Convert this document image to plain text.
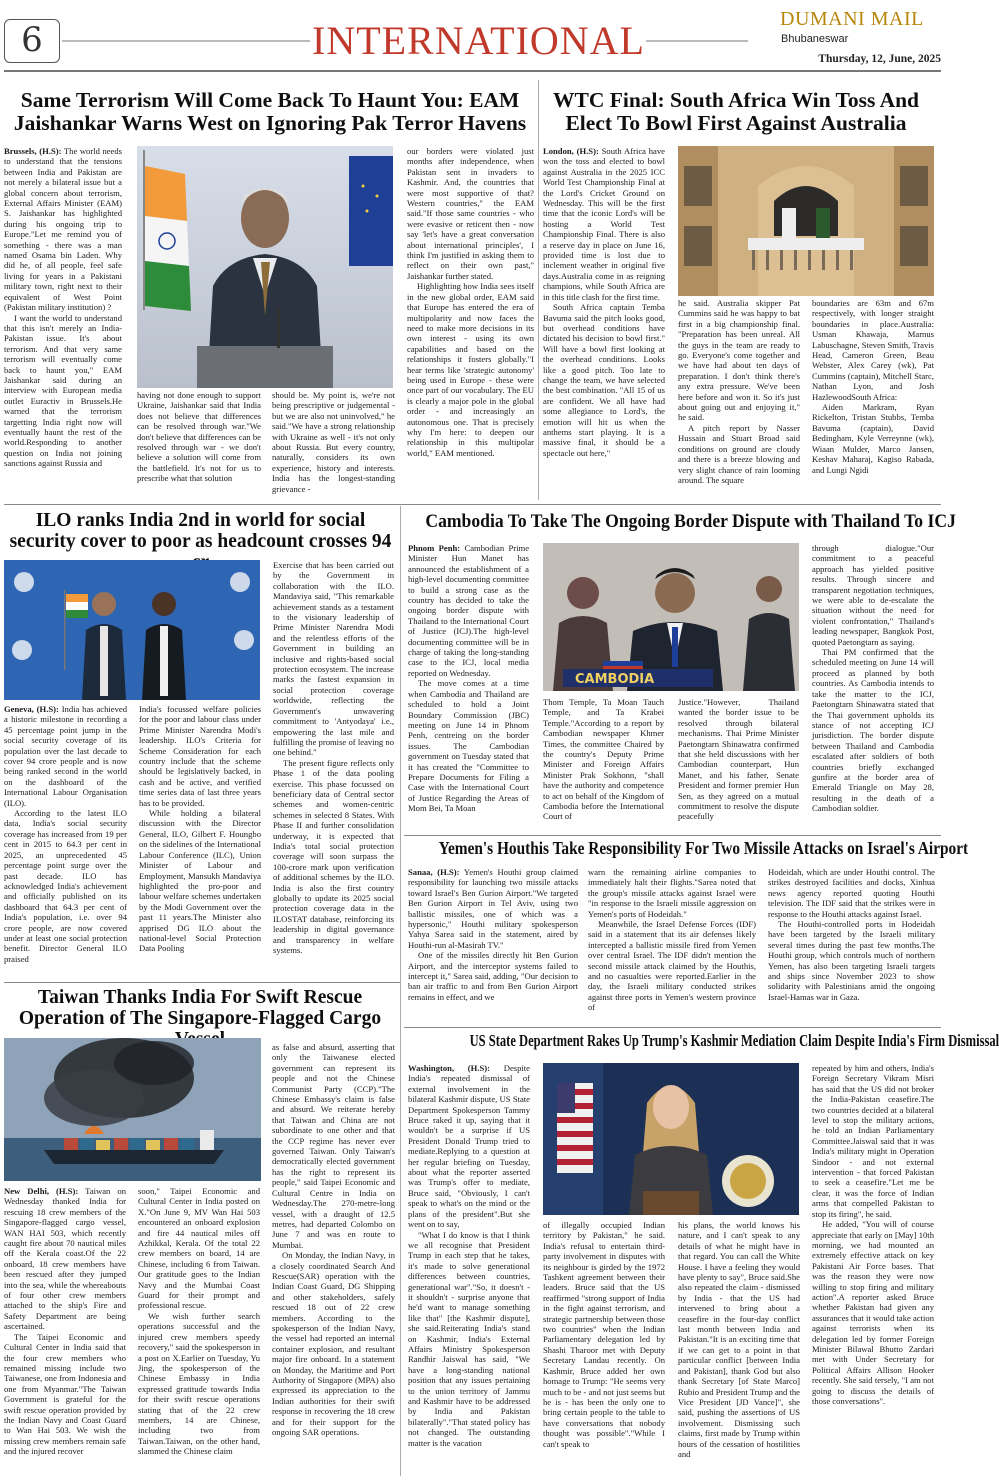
6	INTERNATIONAL	DUMANI MAIL
Bhubaneswar
Thursday, 12, June, 2025
Same Terrorism Will Come Back To Haunt You: EAM Jaishankar Warns West on Ignoring Pak Terror Havens

Brussels, (H.S): The world needs to understand that the tensions between India and Pakistan are not merely a bilateral issue but a global concern about terrorism, External Affairs Minister (EAM) S. Jaishankar has highlighted during his ongoing trip to Europe."Let me remind you of something - there was a man named Osama bin Laden. Why did he, of all people, feel safe living for years in a Pakistani military town, right next to their equivalent of West Point (Pakistan military institution) ?

I want the world to understand that this isn't merely an India-Pakistan issue. It's about terrorism. And that very same terrorism will eventually come back to haunt you," EAM Jaishankar said during an interview with European media outlet Euractiv in Brussels.He warned that the terrorism targetting India right now will eventually haunt the rest of the world.Responding to another question on India not joining sanctions against Russia and

having not done enough to support Ukraine, Jaishankar said that India does not believe that differences can be resolved through war."We don't believe that differences can be resolved through war - we don't believe a solution will come from the battlefield. It's not for us to prescribe what that solution

should be. My point is, we're not being prescriptive or judgemental - but we are also not uninvolved," he said."We have a strong relationship with Ukraine as well - it's not only about Russia. But every country, naturally, considers its own experience, history and interests. India has the longest-standing grievance -

our borders were violated just months after independence, when Pakistan sent in invaders to Kashmir. And, the countries that were most supportive of that? Western countries," the EAM said."If those same countries - who were evasive or reticent then - now say 'let's have a great conversation about international principles', I think I'm justified in asking them to reflect on their own past," Jaishankar further stated.

Highlighting how India sees itself in the new global order, EAM said that Europe has entered the era of multipolarity and now faces the need to make more decisions in its own interest - using its own capabilities and based on the relationships it fosters globally."I hear terms like 'strategic autonomy' being used in Europe - these were once part of our vocabulary. The EU is clearly a major pole in the global order - and increasingly an autonomous one. That is precisely why I'm here: to deepen our relationship in this multipolar world," EAM mentioned.

WTC Final: South Africa Win Toss And Elect To Bowl First Against Australia

London, (H.S): South Africa have won the toss and elected to bowl against Australia in the 2025 ICC World Test Championship Final at the Lord's Cricket Ground on Wednesday. This will be the first time that the iconic Lord's will be hosting a World Test Championship Final. There is also a reserve day in place on June 16, provided time is lost due to inclement weather in original five days.Australia come in as reigning champions, while South Africa are in this title clash for the first time.

South Africa captain Temba Bavuma said the pitch looks good, but overhead conditions have dictated his decision to bowl first." Will have a bowl first looking at the overhead conditions. Looks like a good pitch. Too late to change the team, we have selected the best combination. "All 15 of us are confident. We all have had some allegiance to Lord's, the emotion will hit us when the anthems start playing. It is a massive final, it should be a spectacle out here,"

he said. Australia skipper Pat Cummins said he was happy to bat first in a big championship final. "Preparation has been unreal. All the guys in the team are ready to go. Everyone's come together and we have had about ten days of preparation. I don't think there's any extra pressure. We've been here before and won it. So it's just about going out and enjoying it," he said.

A pitch report by Nasser Hussain and Stuart Broad said conditions on ground are cloudy and there is a breeze blowing and very slight chance of rain looming around. The square

boundaries are 63m and 67m respectively, with longer straight boundaries in place.Australia: Usman Khawaja, Marnus Labuschagne, Steven Smith, Travis Head, Cameron Green, Beau Webster, Alex Carey (wk), Pat Cummins (captain), Mitchell Starc, Nathan Lyon, and Josh HazlewoodSouth Africa:

Aiden Markram, Ryan Rickelton, Tristan Stubbs, Temba Bavuma (captain), David Bedingham, Kyle Verreynne (wk), Wiaan Mulder, Marco Jansen, Keshav Maharaj, Kagiso Rabada, and Lungi Ngidi

ILO ranks India 2nd in world for social security cover to poor as headcount crosses 94

Geneva, (H.S): India has achieved a historic milestone in recording a 45 percentage point jump in the social security coverage of its population over the last decade to cover 94 crore people and is now being ranked second in the world on the dashboard of the International Labour Organisation (ILO).

According to the latest ILO data, India's social security coverage has increased from 19 per cent in 2015 to 64.3 per cent in 2025, an unprecedented 45 percentage point surge over the past decade. ILO has acknowledged India's achievement and officially published on its dashboard that 64.3 per cent of India's population, i.e. over 94 crore people, are now covered under at least one social protection benefit. Director General ILO praised

India's focussed welfare policies for the poor and labour class under Prime Minister Narendra Modi's leadership. ILO's Criteria for Scheme Consideration for each country include that the scheme should be legislatively backed, in cash and be active, and verified time series data of last three years has to be provided.

While holding a bilateral discussion with the Director General, ILO, Gilbert F. Houngbo on the sidelines of the International Labour Conference (ILC), Union Minister of Labour and Employment, Mansukh Mandaviya highlighted the pro-poor and labour welfare schemes undertaken by the Modi Government over the past 11 years.The Minister also apprised DG ILO about the national-level Social Protection Data Pooling

Exercise that has been carried out by the Government in collaboration with the ILO. Mandaviya said, "This remarkable achievement stands as a testament to the visionary leadership of Prime Minister Narendra Modi and the relentless efforts of the Government in building an inclusive and rights-based social protection ecosystem. The increase marks the fastest expansion in social protection coverage worldwide, reflecting the Government's unwavering commitment to 'Antyodaya' i.e., empowering the last mile and fulfilling the promise of leaving no one behind."

The present figure reflects only Phase 1 of the data pooling exercise. This phase focussed on beneficiary data of Central sector schemes and women-centric schemes in selected 8 States. With Phase II and further consolidation underway, it is expected that India's total social protection coverage will soon surpass the 100-crore mark upon verification of additional schemes by the ILO. India is also the first country globally to update its 2025 social protection coverage data in the ILOSTAT database, reinforcing its leadership in digital governance and transparency in welfare systems.

Cambodia To Take The Ongoing Border Dispute with Thailand To ICJ

Phnom Penh: Cambodian Prime Minister Hun Manet has announced the establishment of a high-level documenting committee to build a strong case as the country has decided to take the ongoing border dispute with Thailand to the International Court of Justice (ICJ).The high-level documenting committee will be in charge of taking the long-standing case to the ICJ, local media reported on Wednesday.

The move comes at a time when Cambodia and Thailand are scheduled to hold a Joint Boundary Commission (JBC) meeting on June 14 in Phnom Penh, centreing on the border issues. The Cambodian government on Tuesday stated that it has created the "Committee to Prepare Documents for Filing a Case with the International Court of Justice Regarding the Areas of Mom Bei, Ta Moan

CAMBODIA

Thom Temple, Ta Moan Tauch Temple, and Ta Krabei Temple."According to a report by Cambodian newspaper Khmer Times, the committee Chaired by the country's Deputy Prime Minister and Foreign Affairs Minister Prak Sokhonn, "shall have the authority and competence to act on behalf of the Kingdom of Cambodia before the International Court of

Justice."However, Thailand wanted the border issue to be resolved through bilateral mechanisms. Thai Prime Minister Paetongtarn Shinawatra confirmed that she held discussions with her Cambodian counterpart, Hun Manet, and his father, Senate President and former premier Hun Sen, as they agreed on a mutual commitment to resolve the dispute peacefully

through dialogue."Our commitment to a peaceful approach has yielded positive results. Through sincere and transparent negotiation techniques, we were able to de-escalate the situation without the need for violent confrontation," Thailand's leading newspaper, Bangkok Post, quoted Paetongtarn as saying.

Thai PM confirmed that the scheduled meeting on June 14 will proceed as planned by both countries. As Cambodia intends to take the matter to the ICJ, Paetongtarn Shinawatra stated that the Thai government upholds its stance of not accepting ICJ jurisdiction. The border dispute between Thailand and Cambodia escalated after soldiers of both countries briefly exchanged gunfire at the border area of Emerald Triangle on May 28, resulting in the death of a Cambodian soldier.

Yemen's Houthis Take Responsibility For Two Missile Attacks on Israel's Airport

Sanaa, (H.S): Yemen's Houthi group claimed responsibility for launching two missile attacks toward Israel's Ben Gurion Airport."We targeted Ben Gurion Airport in Tel Aviv, using two ballistic missiles, one of which was a hypersonic," Houthi military spokesperson Yahya Sarea said in the statement, aired by Houthi-run al-Masirah TV."

One of the missiles directly hit Ben Gurion Airport, and the interceptor systems failed to intercept it," Sarea said, adding, "Our decision to ban air traffic to and from Ben Gurion Airport remains in effect, and we

warn the remaining airline companies to immediately halt their flights."Sarea noted that the group's missile attacks against Israel were "in response to the Israeli missile aggression on Yemen's ports of Hodeidah."

Meanwhile, the Israel Defense Forces (IDF) said in a statement that its air defenses likely intercepted a ballistic missile fired from Yemen over central Israel. The IDF didn't mention the second missile attack claimed by the Houthis, and no casualties were reported.Earlier in the day, the Israeli military conducted strikes against three ports in Yemen's western province of

Hodeidah, which are under Houthi control. The strikes destroyed facilities and docks, Xinhua news agency reported quoting Houthi television. The IDF said that the strikes were in response to the Houthi attacks against Israel.

The Houthi-controlled ports in Hodeidah have been targeted by the Israeli military several times during the past few months.The Houthi group, which controls much of northern Yemen, has also been targeting Israeli targets and ships since November 2023 to show solidarity with Palestinians amid the ongoing Israel-Hamas war in Gaza.

Taiwan Thanks India For Swift Rescue Operation of The Singapore-Flagged Cargo

New Delhi, (H.S): Taiwan on Wednesday thanked India for rescuing 18 crew members of the Singapore-flagged cargo vessel, WAN HAI 503, which recently caught fire about 70 nautical miles off the Kerala coast.Of the 22 onboard, 18 crew members have been rescued after they jumped into the sea, while the whereabouts of four other crew members attached to the ship's Fire and Safety Department are being ascertained.

The Taipei Economic and Cultural Center in India said that the four crew members who remained missing include two Taiwanese, one from Indonesia and one from Myanmar."The Taiwan Government is grateful for the swift rescue operation provided by the Indian Navy and Coast Guard to Wan Hai 503. We wish the missing crew members remain safe and the injured recover

soon," Taipei Economic and Cultural Center in India posted on X."On June 9, MV Wan Hai 503 encountered an onboard explosion and fire 44 nautical miles off Azhikkal, Kerala. Of the total 22 crew members on board, 14 are Chinese, including 6 from Taiwan. Our gratitude goes to the Indian Navy and the Mumbai Coast Guard for their prompt and professional rescue.

We wish further search operations successful and the injured crew members speedy recovery," said the spokesperson in a post on X.Earlier on Tuesday, Yu Jing, the spokesperson of the Chinese Embassy in India expressed gratitude towards India for their swift rescue operations stating that of the 22 crew members, 14 are Chinese, including two from Taiwan.Taiwan, on the other hand, slammed the Chinese claim

as false and absurd, asserting that only the Taiwanese elected government can represent its people and not the Chinese Communist Party (CCP)."The Chinese Embassy's claim is false and absurd. We reiterate hereby that Taiwan and China are not subordinate to one other and that the CCP regime has never ever governed Taiwan. Only Taiwan's democratically elected government has the right to represent its people," said Taipei Economic and Cultural Centre in India on Wednesday.The 270-metre-long vessel, with a draught of 12.5 metres, had departed Colombo on June 7 and was en route to Mumbai.

On Monday, the Indian Navy, in a closely coordinated Search And Rescue(SAR) operation with the Indian Coast Guard, DG Shipping and other stakeholders, safely rescued 18 out of 22 crew members. According to the spokesperson of the Indian Navy, the vessel had reported an internal container explosion, and resultant major fire onboard. In a statement on Monday, the Maritime and Port Authority of Singapore (MPA) also expressed its appreciation to the Indian authorities for their swift response in recovering the 18 crew and for their support for the ongoing SAR operations.

US State Department Rakes Up Trump's Kashmir Mediation Claim Despite India's Firm Dismissal

Washington, (H.S): Despite India's repeated dismissal of external involvement in the bilateral Kashmir dispute, US State Department Spokesperson Tammy Bruce raked it up, saying that it wouldn't be a surprise if US President Donald Trump tried to mediate.Replying to a question at her regular briefing on Tuesday, about what the reporter asserted was Trump's offer to mediate, Bruce said, "Obviously, I can't speak to what's on the mind or the plans of the president".But she went on to say,

"What I do know is that I think we all recognise that President Trump in each step that he takes, it's made to solve generational differences between countries, generational war"."So, it doesn't - it shouldn't - surprise anyone that he'd want to manage something like that" [the Kashmir dispute], she said.Reiterating India's stand on Kashmir, India's External Affairs Ministry Spokesperson Randhir Jaiswal has said, "We have a long-standing national position that any issues pertaining to the union territory of Jammu and Kashmir have to be addressed by India and Pakistan bilaterally"."That stated policy has not changed. The outstanding matter is the vacation

of illegally occupied Indian territory by Pakistan," he said. India's refusal to entertain third-party involvement in disputes with its neighbour is girded by the 1972 Tashkent agreement between their leaders. Bruce said that the US reaffirmed "strong support of India in the fight against terrorism, and strategic partnership between those two countries" when the Indian Parliamentary delegation led by Shashi Tharoor met with Deputy Secretary Landau recently. On Kashmir, Bruce added her own homage to Trump: "He seems very much to be - and not just seems but he is - has been the only one to bring certain people to the table to have conversations that nobody thought was possible"."While I can't speak to

his plans, the world knows his nature, and I can't speak to any details of what he might have in that regard. You can call the White House. I have a feeling they would have plenty to say", Bruce said.She also repeated the claim - dismissed by India - that the US had intervened to bring about a ceasefire in the four-day conflict last month between India and Pakistan."It is an exciting time that if we can get to a point in that particular conflict [between India and Pakistan], thank God but also thank Secretary [of State Marco] Rubio and President Trump and the Vice President [JD Vance]", she said, pushing the assertions of US involvement. Dismissing such claims, first made by Trump within hours of the cessation of hostilities and

repeated by him and others, India's Foreign Secretary Vikram Misri has said that the US did not broker the India-Pakistan ceasefire.The two countries decided at a bilateral level to stop the military actions, he told an Indian Parliamentary Committee.Jaiswal said that it was India's military might in Operation Sindoor - and not external intervention - that forced Pakistan to seek a ceasefire."Let me be clear, it was the force of Indian arms that compelled Pakistan to stop its firing", he said.

He added, "You will of course appreciate that early on [May] 10th morning, we had mounted an extremely effective attack on key Pakistani Air Force bases. That was the reason they were now willing to stop firing and military action".A reporter asked Bruce whether Pakistan had given any assurances that it would take action against terrorists when its delegation led by former Foreign Minister Bilawal Bhutto Zardari met with Under Secretary for Political Affairs Allison Hooker recently. She said tersely, "I am not going to discuss the details of those conversations".
